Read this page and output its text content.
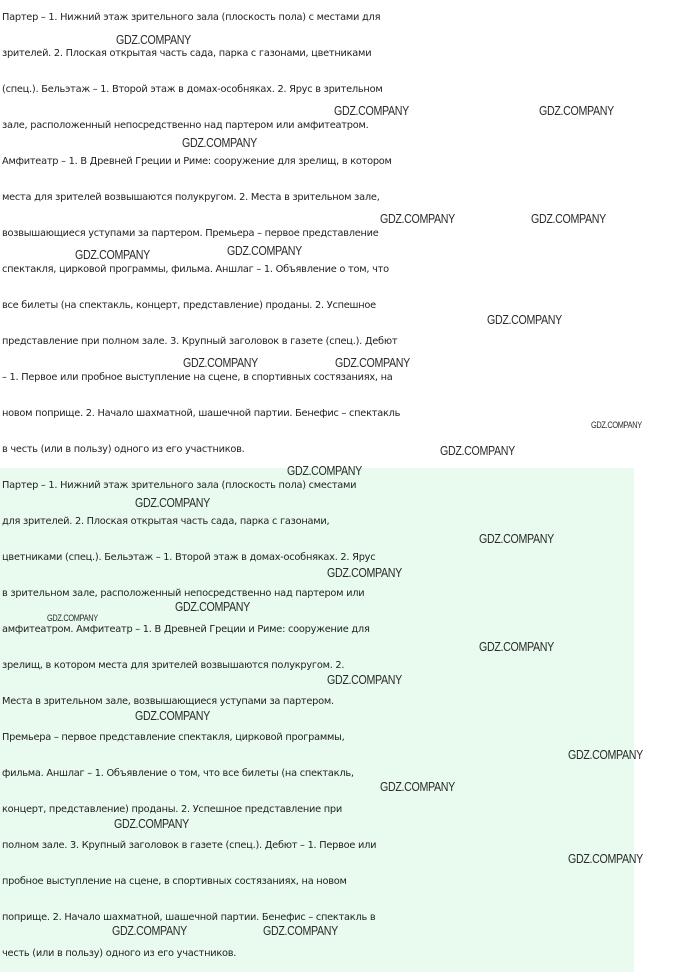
Партер – 1. Нижний этаж зрительного зала (плоскость пола) с местами для
зрителей. 2. Плоская открытая часть сада, парка с газонами, цветниками
(спец.). Бельэтаж – 1. Второй этаж в домах-особняках. 2. Ярус в зрительном
зале, расположенный непосредственно над партером или амфитеатром.
Амфитеатр – 1. В Древней Греции и Риме: сооружение для зрелищ, в котором
места для зрителей возвышаются полукругом. 2. Места в зрительном зале,
возвышающиеся уступами за партером. Премьера – первое представление
спектакля, цирковой программы, фильма. Аншлаг – 1. Объявление о том, что
все билеты (на спектакль, концерт, представление) проданы. 2. Успешное
представление при полном зале. 3. Крупный заголовок в газете (спец.). Дебют
– 1. Первое или пробное выступление на сцене, в спортивных состязаниях, на
новом поприще. 2. Начало шахматной, шашечной партии. Бенефис – спектакль
в честь (или в пользу) одного из его участников.
Партер – 1. Нижний этаж зрительного зала (плоскость пола) сместами
для зрителей. 2. Плоская открытая часть сада, парка с газонами,
цветниками (спец.). Бельэтаж – 1. Второй этаж в домах-особняках. 2. Ярус
в зрительном зале, расположенный непосредственно над партером или
амфитеатром. Амфитеатр – 1. В Древней Греции и Риме: сооружение для
зрелищ, в котором места для зрителей возвышаются полукругом. 2.
Места в зрительном зале, возвышающиеся уступами за партером.
Премьера – первое представление спектакля, цирковой программы,
фильма. Аншлаг – 1. Объявление о том, что все билеты (на спектакль,
концерт, представление) проданы. 2. Успешное представление при
полном зале. 3. Крупный заголовок в газете (спец.). Дебют – 1. Первое или
пробное выступление на сцене, в спортивных состязаниях, на новом
поприще. 2. Начало шахматной, шашечной партии. Бенефис – спектакль в
честь (или в пользу) одного из его участников.
GDZ.COMPANY
GDZ.COMPANY	GDZ.COMPANY
GDZ.COMPANY
GDZ.COMPANY	GDZ.COMPANY
GDZ.COMPANY
GDZ.COMPANY
GDZ.COMPANY
GDZ.COMPANY	GDZ.COMPANY
GDZ.COMPANY
GDZ.COMPANY
GDZ.COMPANY
GDZ.COMPANY
GDZ.COMPANY
GDZ.COMPANY
GDZ.COMPANY
GDZ.COMPANY
GDZ.COMPANY
GDZ.COMPANY
GDZ.COMPANY
GDZ.COMPANY
GDZ.COMPANY
GDZ.COMPANY
GDZ.COMPANY
GDZ.COMPANY	GDZ.COMPANY
